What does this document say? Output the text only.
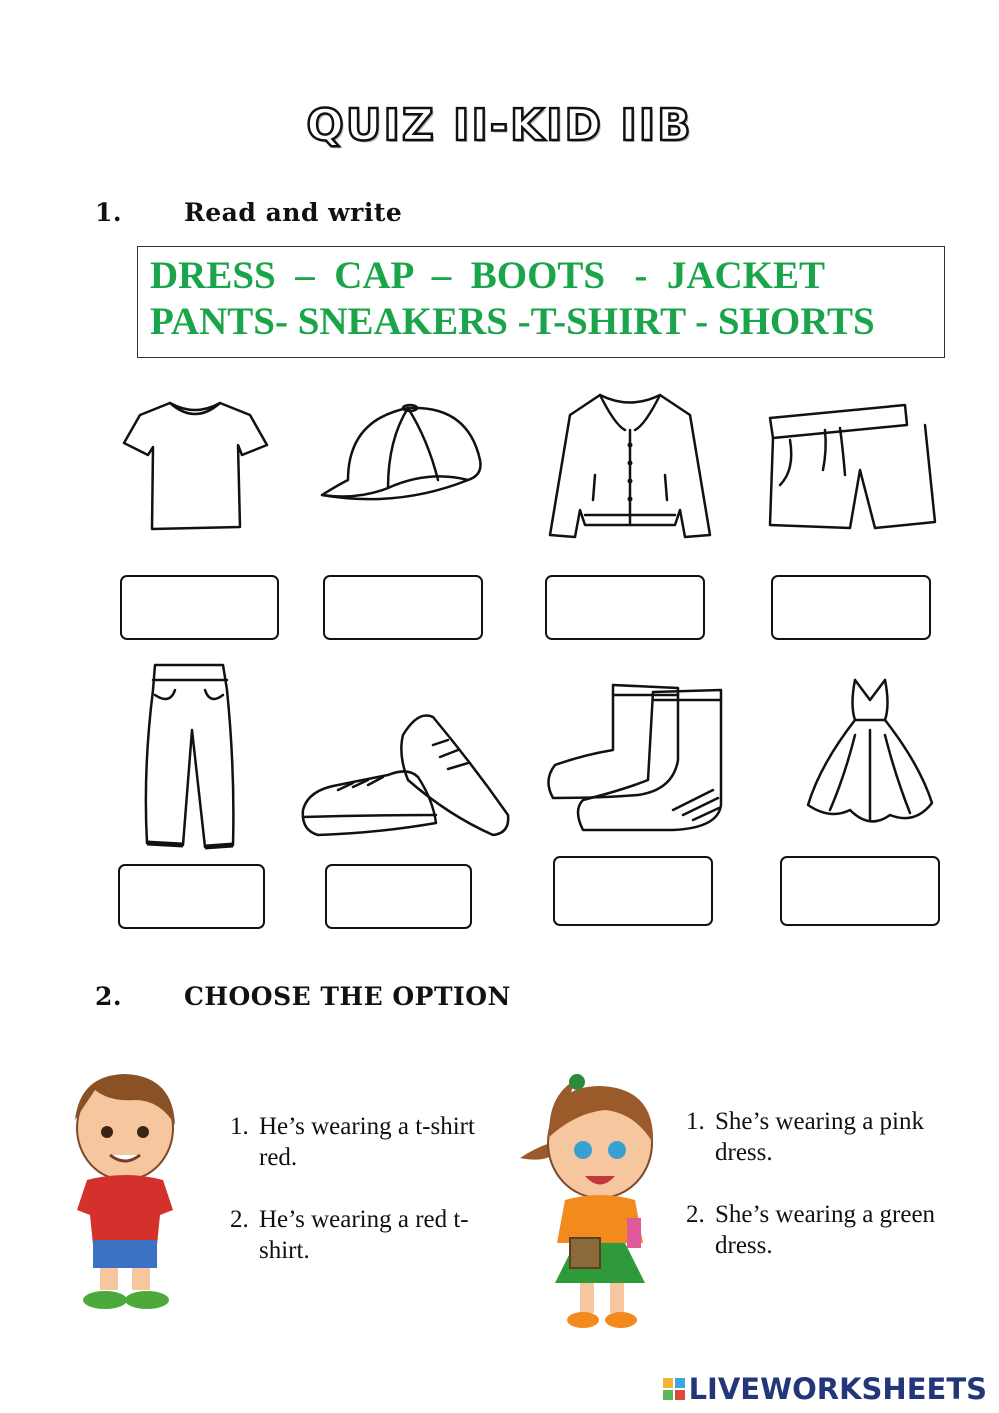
QUIZ II-KID IIB
1. Read and write
DRESS  –  CAP  –  BOOTS   -  JACKET
PANTS- SNEAKERS -T-SHIRT - SHORTS
2. CHOOSE THE OPTION
1. He’s wearing a t-shirt red.
2. He’s wearing a red t-shirt.
1. She’s wearing a pink dress.
2. She’s wearing a green dress.
LIVEWORKSHEETS
